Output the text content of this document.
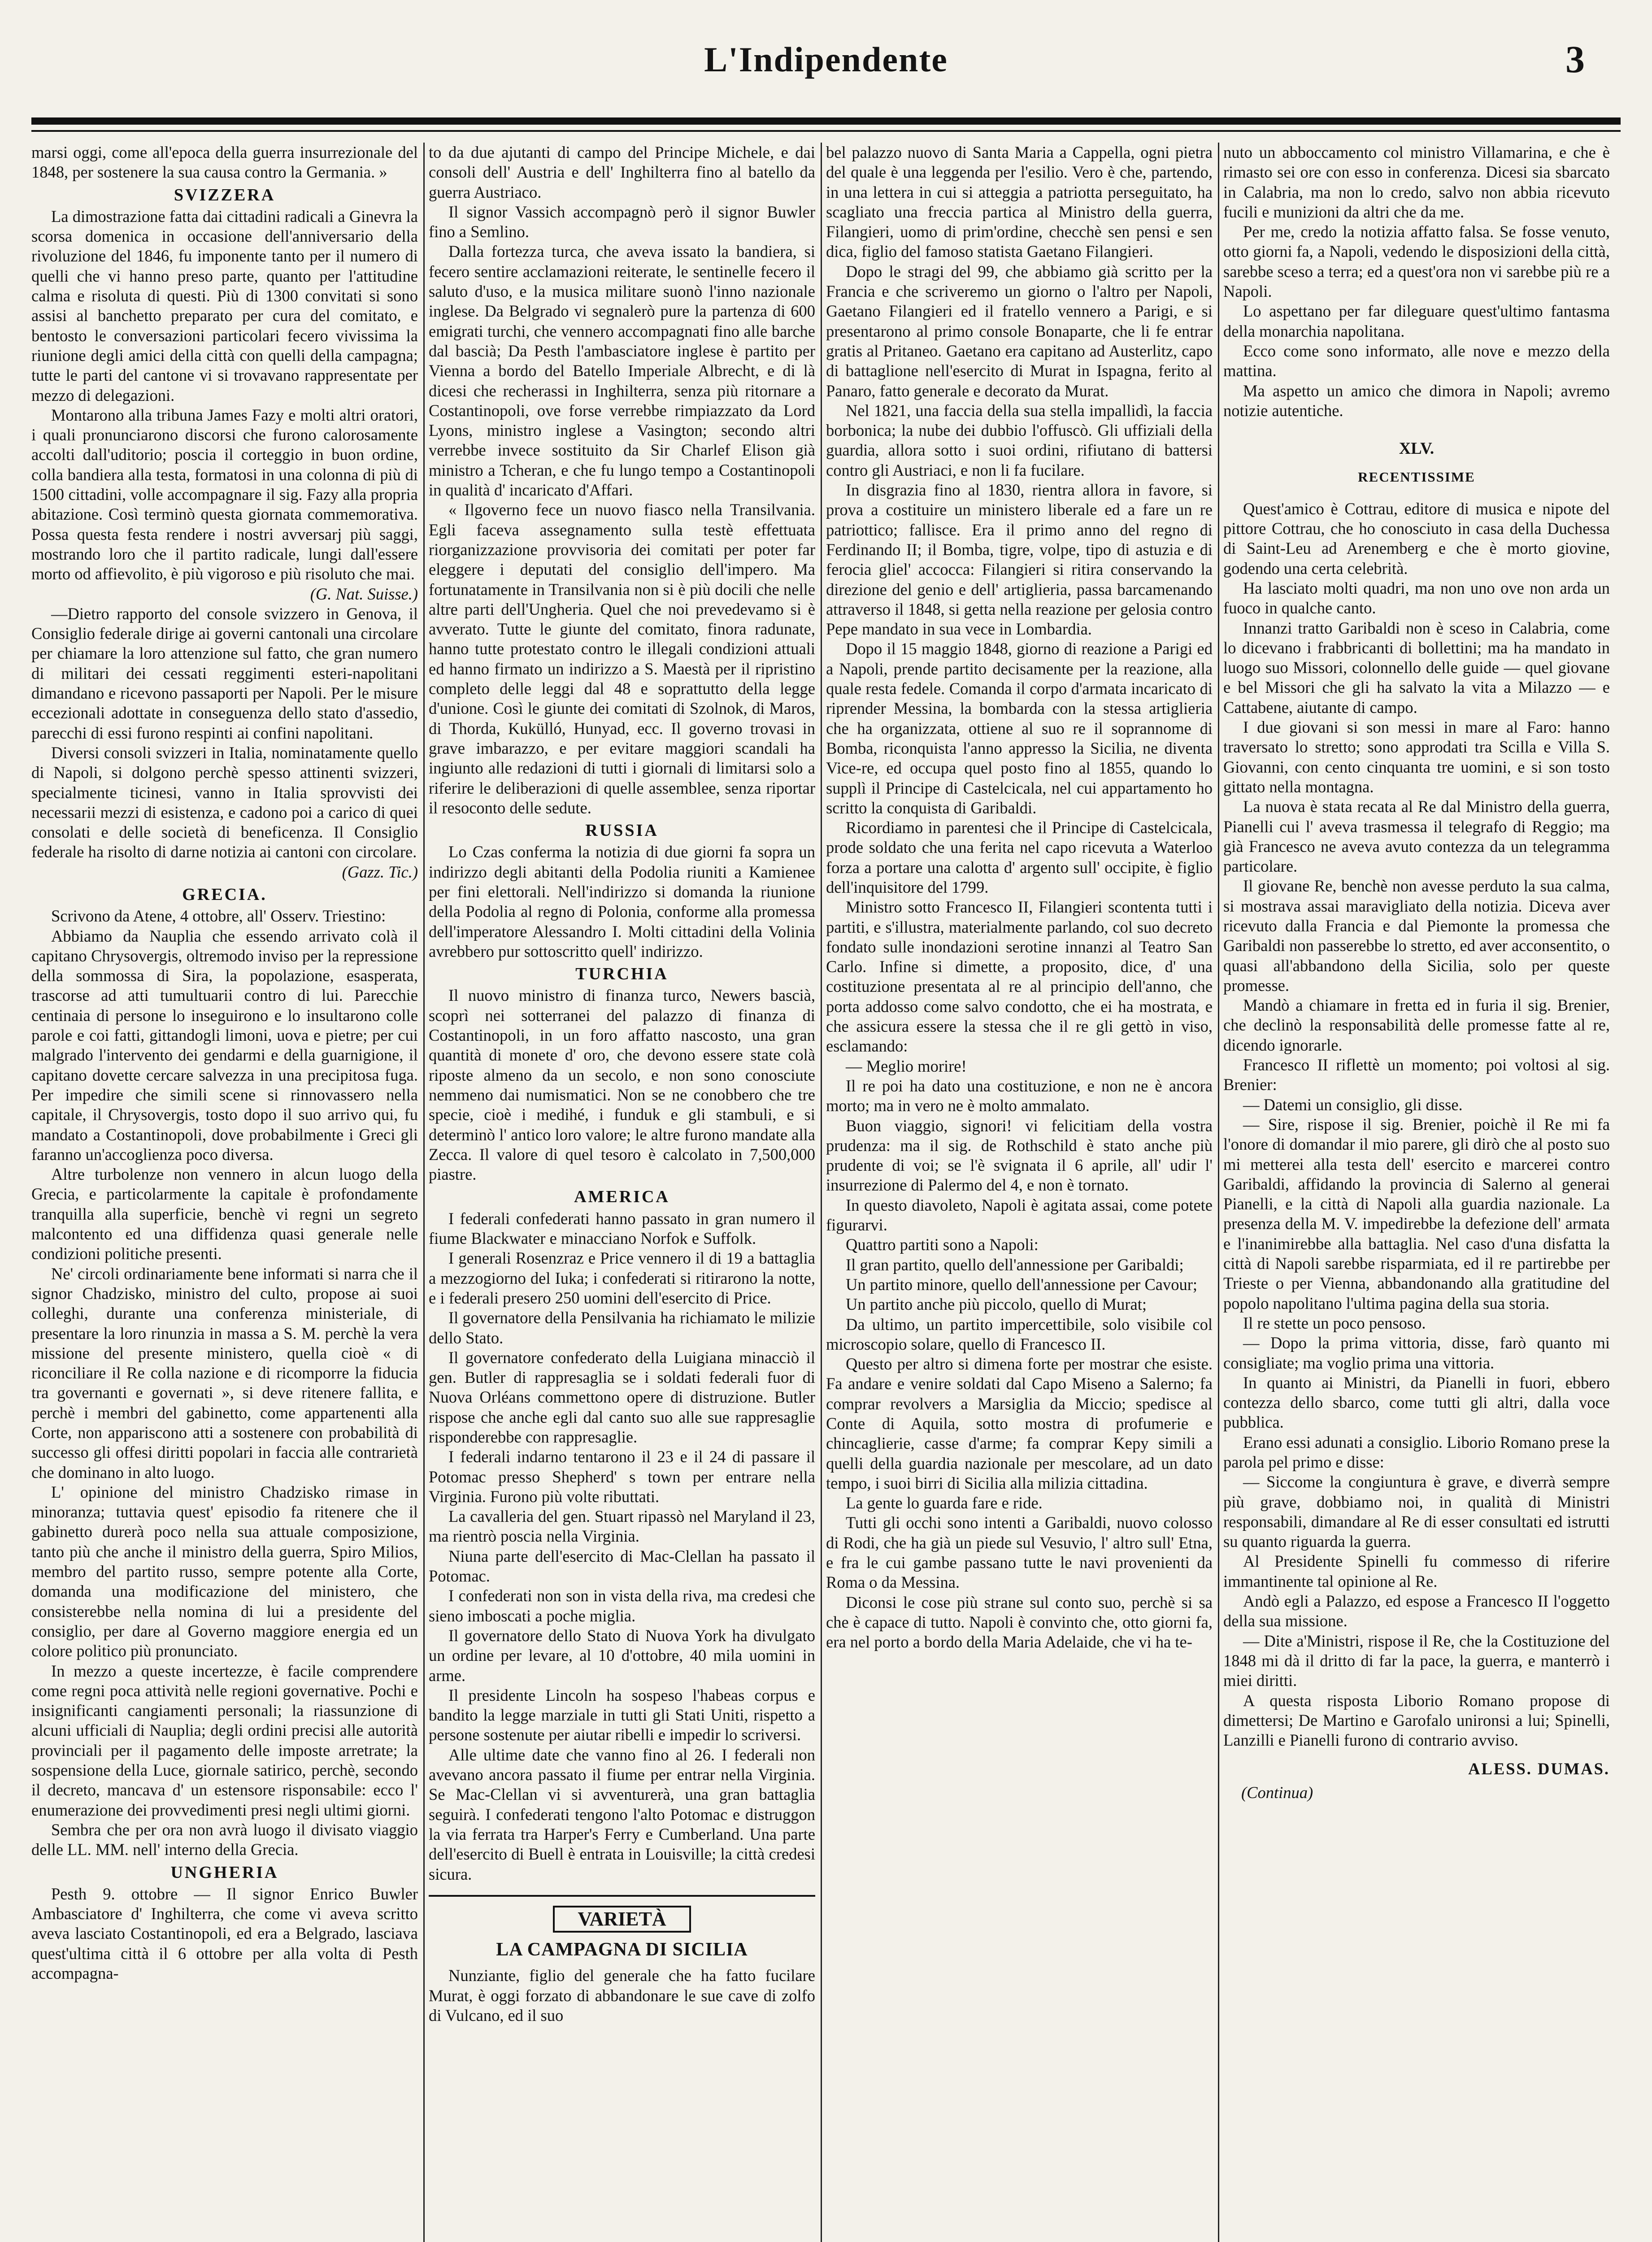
L'Indipendente	3

marsi oggi, come all'epoca della guerra insurrezionale del 1848, per sostenere la sua causa contro la Germania. »

SVIZZERA

La dimostrazione fatta dai cittadini radicali a Ginevra la scorsa domenica in occasione dell'anniversario della rivoluzione del 1846, fu imponente tanto per il numero di quelli che vi hanno preso parte, quanto per l'attitudine calma e risoluta di questi. Più di 1300 convitati si sono assisi al banchetto preparato per cura del comitato, e bentosto le conversazioni particolari fecero vivissima la riunione degli amici della città con quelli della campagna; tutte le parti del cantone vi si trovavano rappresentate per mezzo di delegazioni.

Montarono alla tribuna James Fazy e molti altri oratori, i quali pronunciarono discorsi che furono calorosamente accolti dall'uditorio; poscia il corteggio in buon ordine, colla bandiera alla testa, formatosi in una colonna di più di 1500 cittadini, volle accompagnare il sig. Fazy alla propria abitazione. Così terminò questa giornata commemorativa. Possa questa festa rendere i nostri avversarj più saggi, mostrando loro che il partito radicale, lungi dall'essere morto od affievolito, è più vigoroso e più risoluto che mai.

(G. Nat. Suisse.)

—Dietro rapporto del console svizzero in Genova, il Consiglio federale dirige ai governi cantonali una circolare per chiamare la loro attenzione sul fatto, che gran numero di militari dei cessati reggimenti esteri-napolitani dimandano e ricevono passaporti per Napoli. Per le misure eccezionali adottate in conseguenza dello stato d'assedio, parecchi di essi furono respinti ai confini napolitani.

Diversi consoli svizzeri in Italia, nominatamente quello di Napoli, si dolgono perchè spesso attinenti svizzeri, specialmente ticinesi, vanno in Italia sprovvisti dei necessarii mezzi di esistenza, e cadono poi a carico di quei consolati e delle società di beneficenza. Il Consiglio federale ha risolto di darne notizia ai cantoni con circolare.

(Gazz. Tic.)

GRECIA.

Scrivono da Atene, 4 ottobre, all' Osserv. Triestino:

Abbiamo da Nauplia che essendo arrivato colà il capitano Chrysovergis, oltremodo inviso per la repressione della sommossa di Sira, la popolazione, esasperata, trascorse ad atti tumultuarii contro di lui. Parecchie centinaia di persone lo inseguirono e lo insultarono colle parole e coi fatti, gittandogli limoni, uova e pietre; per cui malgrado l'intervento dei gendarmi e della guarnigione, il capitano dovette cercare salvezza in una precipitosa fuga. Per impedire che simili scene si rinnovassero nella capitale, il Chrysovergis, tosto dopo il suo arrivo qui, fu mandato a Costantinopoli, dove probabilmente i Greci gli faranno un'accoglienza poco diversa.

Altre turbolenze non vennero in alcun luogo della Grecia, e particolarmente la capitale è profondamente tranquilla alla superficie, benchè vi regni un segreto malcontento ed una diffidenza quasi generale nelle condizioni politiche presenti.

Ne' circoli ordinariamente bene informati si narra che il signor Chadzisko, ministro del culto, propose ai suoi colleghi, durante una conferenza ministeriale, di presentare la loro rinunzia in massa a S. M. perchè la vera missione del presente ministero, quella cioè « di riconciliare il Re colla nazione e di ricomporre la fiducia tra governanti e governati », si deve ritenere fallita, e perchè i membri del gabinetto, come appartenenti alla Corte, non appariscono atti a sostenere con probabilità di successo gli offesi diritti popolari in faccia alle contrarietà che dominano in alto luogo.

L' opinione del ministro Chadzisko rimase in minoranza; tuttavia quest' episodio fa ritenere che il gabinetto durerà poco nella sua attuale composizione, tanto più che anche il ministro della guerra, Spiro Milios, membro del partito russo, sempre potente alla Corte, domanda una modificazione del ministero, che consisterebbe nella nomina di lui a presidente del consiglio, per dare al Governo maggiore energia ed un colore politico più pronunciato.

In mezzo a queste incertezze, è facile comprendere come regni poca attività nelle regioni governative. Pochi e insignificanti cangiamenti personali; la riassunzione di alcuni ufficiali di Nauplia; degli ordini precisi alle autorità provinciali per il pagamento delle imposte arretrate; la sospensione della Luce, giornale satirico, perchè, secondo il decreto, mancava d' un estensore risponsabile: ecco l' enumerazione dei provvedimenti presi negli ultimi giorni.

Sembra che per ora non avrà luogo il divisato viaggio delle LL. MM. nell' interno della Grecia.

UNGHERIA

Pesth 9. ottobre — Il signor Enrico Buwler Ambasciatore d' Inghilterra, che come vi aveva scritto aveva lasciato Costantinopoli, ed era a Belgrado, lasciava quest'ultima città il 6 ottobre per alla volta di Pesth accompagna-

to da due ajutanti di campo del Principe Michele, e dai consoli dell' Austria e dell' Inghilterra fino al batello da guerra Austriaco.

Il signor Vassich accompagnò però il signor Buwler fino a Semlino.

Dalla fortezza turca, che aveva issato la bandiera, si fecero sentire acclamazioni reiterate, le sentinelle fecero il saluto d'uso, e la musica militare suonò l'inno nazionale inglese. Da Belgrado vi segnalerò pure la partenza di 600 emigrati turchi, che vennero accompagnati fino alle barche dal bascià; Da Pesth l'ambasciatore inglese è partito per Vienna a bordo del Batello Imperiale Albrecht, e di là dicesi che recherassi in Inghilterra, senza più ritornare a Costantinopoli, ove forse verrebbe rimpiazzato da Lord Lyons, ministro inglese a Vasington; secondo altri verrebbe invece sostituito da Sir Charlef Elison già ministro a Tcheran, e che fu lungo tempo a Costantinopoli in qualità d' incaricato d'Affari.

« Ilgoverno fece un nuovo fiasco nella Transilvania. Egli faceva assegnamento sulla testè effettuata riorganizzazione provvisoria dei comitati per poter far eleggere i deputati del consiglio dell'impero. Ma fortunatamente in Transilvania non si è più docili che nelle altre parti dell'Ungheria. Quel che noi prevedevamo si è avverato. Tutte le giunte del comitato, finora radunate, hanno tutte protestato contro le illegali condizioni attuali ed hanno firmato un indirizzo a S. Maestà per il ripristino completo delle leggi dal 48 e soprattutto della legge d'unione. Così le giunte dei comitati di Szolnok, di Maros, di Thorda, Kukülló, Hunyad, ecc. Il governo trovasi in grave imbarazzo, e per evitare maggiori scandali ha ingiunto alle redazioni di tutti i giornali di limitarsi solo a riferire le deliberazioni di quelle assemblee, senza riportar il resoconto delle sedute.

RUSSIA

Lo Czas conferma la notizia di due giorni fa sopra un indirizzo degli abitanti della Podolia riuniti a Kamienee per fini elettorali. Nell'indirizzo si domanda la riunione della Podolia al regno di Polonia, conforme alla promessa dell'imperatore Alessandro I. Molti cittadini della Volinia avrebbero pur sottoscritto quell' indirizzo.

TURCHIA

Il nuovo ministro di finanza turco, Newers bascià, scoprì nei sotterranei del palazzo di finanza di Costantinopoli, in un foro affatto nascosto, una gran quantità di monete d' oro, che devono essere state colà riposte almeno da un secolo, e non sono conosciute nemmeno dai numismatici. Non se ne conobbero che tre specie, cioè i medihé, i funduk e gli stambuli, e si determinò l' antico loro valore; le altre furono mandate alla Zecca. Il valore di quel tesoro è calcolato in 7,500,000 piastre.

AMERICA

I federali confederati hanno passato in gran numero il fiume Blackwater e minacciano Norfok e Suffolk.

I generali Rosenzraz e Price vennero il di 19 a battaglia a mezzogiorno del Iuka; i confederati si ritirarono la notte, e i federali presero 250 uomini dell'esercito di Price.

Il governatore della Pensilvania ha richiamato le milizie dello Stato.

Il governatore confederato della Luigiana minacciò il gen. Butler di rappresaglia se i soldati federali fuor di Nuova Orléans commettono opere di distruzione. Butler rispose che anche egli dal canto suo alle sue rappresaglie risponderebbe con rappresaglie.

I federali indarno tentarono il 23 e il 24 di passare il Potomac presso Shepherd' s town per entrare nella Virginia. Furono più volte ributtati.

La cavalleria del gen. Stuart ripassò nel Maryland il 23, ma rientrò poscia nella Virginia.

Niuna parte dell'esercito di Mac-Clellan ha passato il Potomac.

I confederati non son in vista della riva, ma credesi che sieno imboscati a poche miglia.

Il governatore dello Stato di Nuova York ha divulgato un ordine per levare, al 10 d'ottobre, 40 mila uomini in arme.

Il presidente Lincoln ha sospeso l'habeas corpus e bandito la legge marziale in tutti gli Stati Uniti, rispetto a persone sostenute per aiutar ribelli e impedir lo scriversi.

Alle ultime date che vanno fino al 26. I federali non avevano ancora passato il fiume per entrar nella Virginia. Se Mac-Clellan vi si avventurerà, una gran battaglia seguirà. I confederati tengono l'alto Potomac e distruggon la via ferrata tra Harper's Ferry e Cumberland. Una parte dell'esercito di Buell è entrata in Louisville; la città credesi sicura.

VARIETÀ
LA CAMPAGNA DI SICILIA

Nunziante, figlio del generale che ha fatto fucilare Murat, è oggi forzato di abbandonare le sue cave di zolfo di Vulcano, ed il suo

bel palazzo nuovo di Santa Maria a Cappella, ogni pietra del quale è una leggenda per l'esilio. Vero è che, partendo, in una lettera in cui si atteggia a patriotta perseguitato, ha scagliato una freccia partica al Ministro della guerra, Filangieri, uomo di prim'ordine, checchè sen pensi e sen dica, figlio del famoso statista Gaetano Filangieri.

Dopo le stragi del 99, che abbiamo già scritto per la Francia e che scriveremo un giorno o l'altro per Napoli, Gaetano Filangieri ed il fratello vennero a Parigi, e si presentarono al primo console Bonaparte, che li fe entrar gratis al Pritaneo. Gaetano era capitano ad Austerlitz, capo di battaglione nell'esercito di Murat in Ispagna, ferito al Panaro, fatto generale e decorato da Murat.

Nel 1821, una faccia della sua stella impallidì, la faccia borbonica; la nube dei dubbio l'offuscò. Gli uffiziali della guardia, allora sotto i suoi ordini, rifiutano di battersi contro gli Austriaci, e non li fa fucilare.

In disgrazia fino al 1830, rientra allora in favore, si prova a costituire un ministero liberale ed a fare un re patriottico; fallisce. Era il primo anno del regno di Ferdinando II; il Bomba, tigre, volpe, tipo di astuzia e di ferocia gliel' accocca: Filangieri si ritira conservando la direzione del genio e dell' artiglieria, passa barcamenando attraverso il 1848, si getta nella reazione per gelosia contro Pepe mandato in sua vece in Lombardia.

Dopo il 15 maggio 1848, giorno di reazione a Parigi ed a Napoli, prende partito decisamente per la reazione, alla quale resta fedele. Comanda il corpo d'armata incaricato di riprender Messina, la bombarda con la stessa artiglieria che ha organizzata, ottiene al suo re il soprannome di Bomba, riconquista l'anno appresso la Sicilia, ne diventa Vice-re, ed occupa quel posto fino al 1855, quando lo supplì il Principe di Castelcicala, nel cui appartamento ho scritto la conquista di Garibaldi.

Ricordiamo in parentesi che il Principe di Castelcicala, prode soldato che una ferita nel capo ricevuta a Waterloo forza a portare una calotta d' argento sull' occipite, è figlio dell'inquisitore del 1799.

Ministro sotto Francesco II, Filangieri scontenta tutti i partiti, e s'illustra, materialmente parlando, col suo decreto fondato sulle inondazioni serotine innanzi al Teatro San Carlo. Infine si dimette, a proposito, dice, d' una costituzione presentata al re al principio dell'anno, che porta addosso come salvo condotto, che ei ha mostrata, e che assicura essere la stessa che il re gli gettò in viso, esclamando:

— Meglio morire!

Il re poi ha dato una costituzione, e non ne è ancora morto; ma in vero ne è molto ammalato.

Buon viaggio, signori! vi felicitiam della vostra prudenza: ma il sig. de Rothschild è stato anche più prudente di voi; se l'è svignata il 6 aprile, all' udir l' insurrezione di Palermo del 4, e non è tornato.

In questo diavoleto, Napoli è agitata assai, come potete figurarvi.

Quattro partiti sono a Napoli:

Il gran partito, quello dell'annessione per Garibaldi;

Un partito minore, quello dell'annessione per Cavour;

Un partito anche più piccolo, quello di Murat;

Da ultimo, un partito impercettibile, solo visibile col microscopio solare, quello di Francesco II.

Questo per altro si dimena forte per mostrar che esiste. Fa andare e venire soldati dal Capo Miseno a Salerno; fa comprar revolvers a Marsiglia da Miccio; spedisce al Conte di Aquila, sotto mostra di profumerie e chincaglierie, casse d'arme; fa comprar Kepy simili a quelli della guardia nazionale per mescolare, ad un dato tempo, i suoi birri di Sicilia alla milizia cittadina.

La gente lo guarda fare e ride.

Tutti gli occhi sono intenti a Garibaldi, nuovo colosso di Rodi, che ha già un piede sul Vesuvio, l' altro sull' Etna, e fra le cui gambe passano tutte le navi provenienti da Roma o da Messina.

Diconsi le cose più strane sul conto suo, perchè si sa che è capace di tutto. Napoli è convinto che, otto giorni fa, era nel porto a bordo della Maria Adelaide, che vi ha te-

nuto un abboccamento col ministro Villamarina, e che è rimasto sei ore con esso in conferenza. Dicesi sia sbarcato in Calabria, ma non lo credo, salvo non abbia ricevuto fucili e munizioni da altri che da me.

Per me, credo la notizia affatto falsa. Se fosse venuto, otto giorni fa, a Napoli, vedendo le disposizioni della città, sarebbe sceso a terra; ed a quest'ora non vi sarebbe più re a Napoli.

Lo aspettano per far dileguare quest'ultimo fantasma della monarchia napolitana.

Ecco come sono informato, alle nove e mezzo della mattina.

Ma aspetto un amico che dimora in Napoli; avremo notizie autentiche.

XLV.
RECENTISSIME

Quest'amico è Cottrau, editore di musica e nipote del pittore Cottrau, che ho conosciuto in casa della Duchessa di Saint-Leu ad Arenemberg e che è morto giovine, godendo una certa celebrità.

Ha lasciato molti quadri, ma non uno ove non arda un fuoco in qualche canto.

Innanzi tratto Garibaldi non è sceso in Calabria, come lo dicevano i frabbricanti di bollettini; ma ha mandato in luogo suo Missori, colonnello delle guide — quel giovane e bel Missori che gli ha salvato la vita a Milazzo — e Cattabene, aiutante di campo.

I due giovani si son messi in mare al Faro: hanno traversato lo stretto; sono approdati tra Scilla e Villa S. Giovanni, con cento cinquanta tre uomini, e si son tosto gittato nella montagna.

La nuova è stata recata al Re dal Ministro della guerra, Pianelli cui l' aveva trasmessa il telegrafo di Reggio; ma già Francesco ne aveva avuto contezza da un telegramma particolare.

Il giovane Re, benchè non avesse perduto la sua calma, si mostrava assai maravigliato della notizia. Diceva aver ricevuto dalla Francia e dal Piemonte la promessa che Garibaldi non passerebbe lo stretto, ed aver acconsentito, o quasi all'abbandono della Sicilia, solo per queste promesse.

Mandò a chiamare in fretta ed in furia il sig. Brenier, che declinò la responsabilità delle promesse fatte al re, dicendo ignorarle.

Francesco II riflettè un momento; poi voltosi al sig. Brenier:

— Datemi un consiglio, gli disse.

— Sire, rispose il sig. Brenier, poichè il Re mi fa l'onore di domandar il mio parere, gli dirò che al posto suo mi metterei alla testa dell' esercito e marcerei contro Garibaldi, affidando la provincia di Salerno al generai Pianelli, e la città di Napoli alla guardia nazionale. La presenza della M. V. impedirebbe la defezione dell' armata e l'inanimirebbe alla battaglia. Nel caso d'una disfatta la città di Napoli sarebbe risparmiata, ed il re partirebbe per Trieste o per Vienna, abbandonando alla gratitudine del popolo napolitano l'ultima pagina della sua storia.

Il re stette un poco pensoso.

— Dopo la prima vittoria, disse, farò quanto mi consigliate; ma voglio prima una vittoria.

In quanto ai Ministri, da Pianelli in fuori, ebbero contezza dello sbarco, come tutti gli altri, dalla voce pubblica.

Erano essi adunati a consiglio. Liborio Romano prese la parola pel primo e disse:

— Siccome la congiuntura è grave, e diverrà sempre più grave, dobbiamo noi, in qualità di Ministri responsabili, dimandare al Re di esser consultati ed istrutti su quanto riguarda la guerra.

Al Presidente Spinelli fu commesso di riferire immantinente tal opinione al Re.

Andò egli a Palazzo, ed espose a Francesco II l'oggetto della sua missione.

— Dite a'Ministri, rispose il Re, che la Costituzione del 1848 mi dà il dritto di far la pace, la guerra, e manterrò i miei diritti.

A questa risposta Liborio Romano propose di dimettersi; De Martino e Garofalo unironsi a lui; Spinelli, Lanzilli e Pianelli furono di contrario avviso.

ALESS. DUMAS.
(Continua)
